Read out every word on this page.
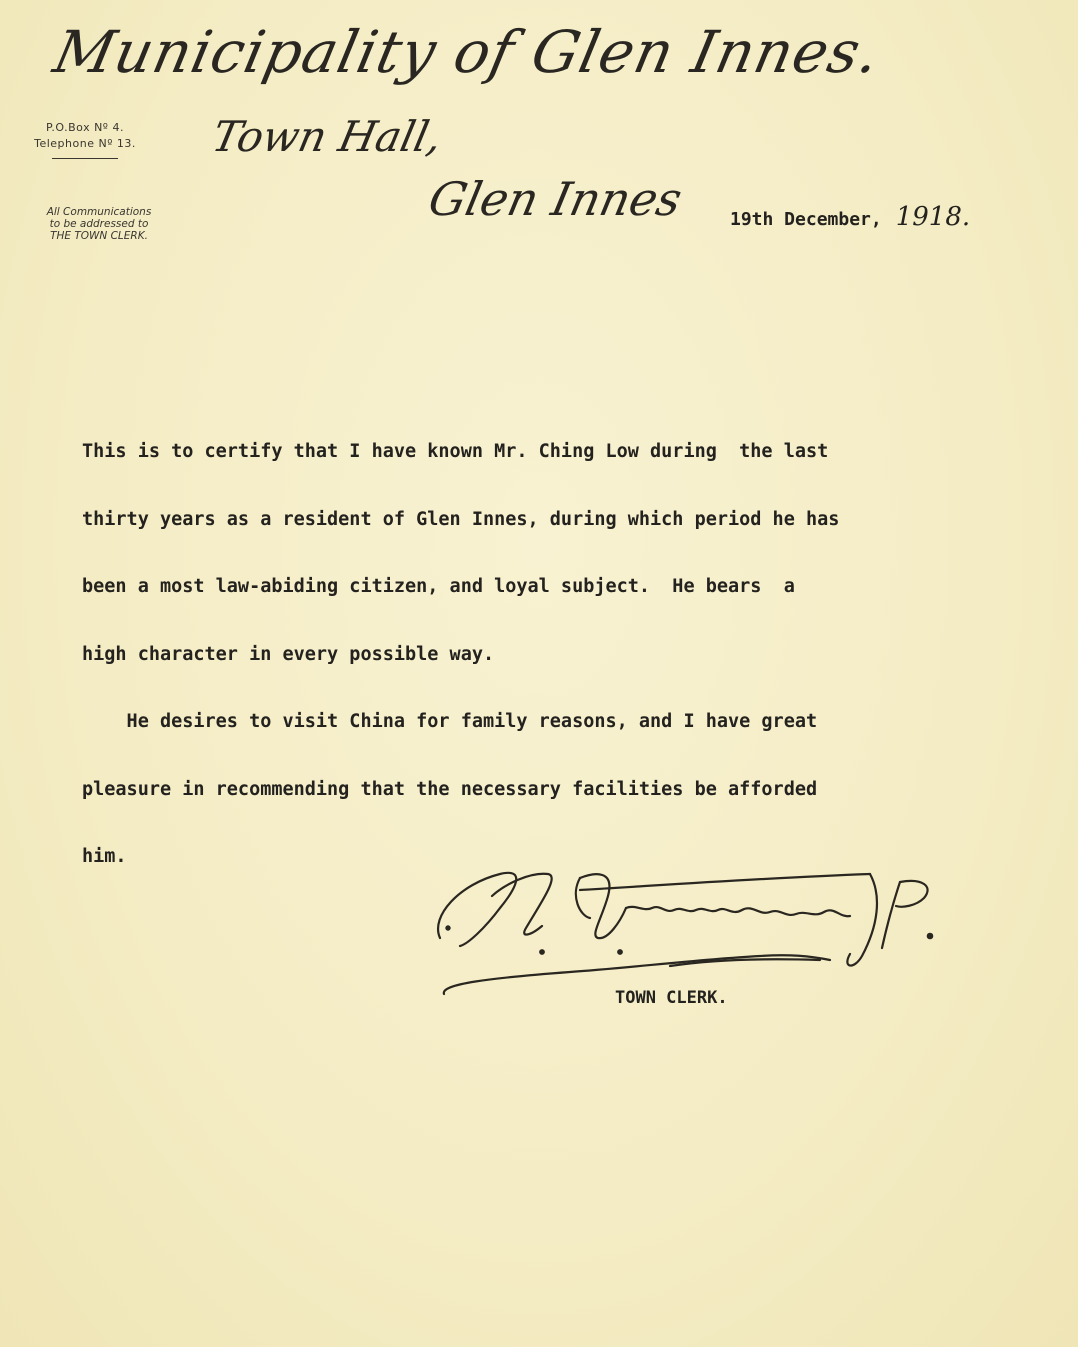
Municipality of Glen Innes.
P.O.Box Nº 4.
Telephone Nº 13. Town Hall,
All Communications
to be addressed to
THE TOWN CLERK.
Glen Innes 19th December, 1918.

This is to certify that I have known Mr. Ching Low during  the last

thirty years as a resident of Glen Innes, during which period he has

been a most law-abiding citizen, and loyal subject.  He bears  a

high character in every possible way.

He desires to visit China for family reasons, and I have great

pleasure in recommending that the necessary facilities be afforded

him.

TOWN CLERK.
